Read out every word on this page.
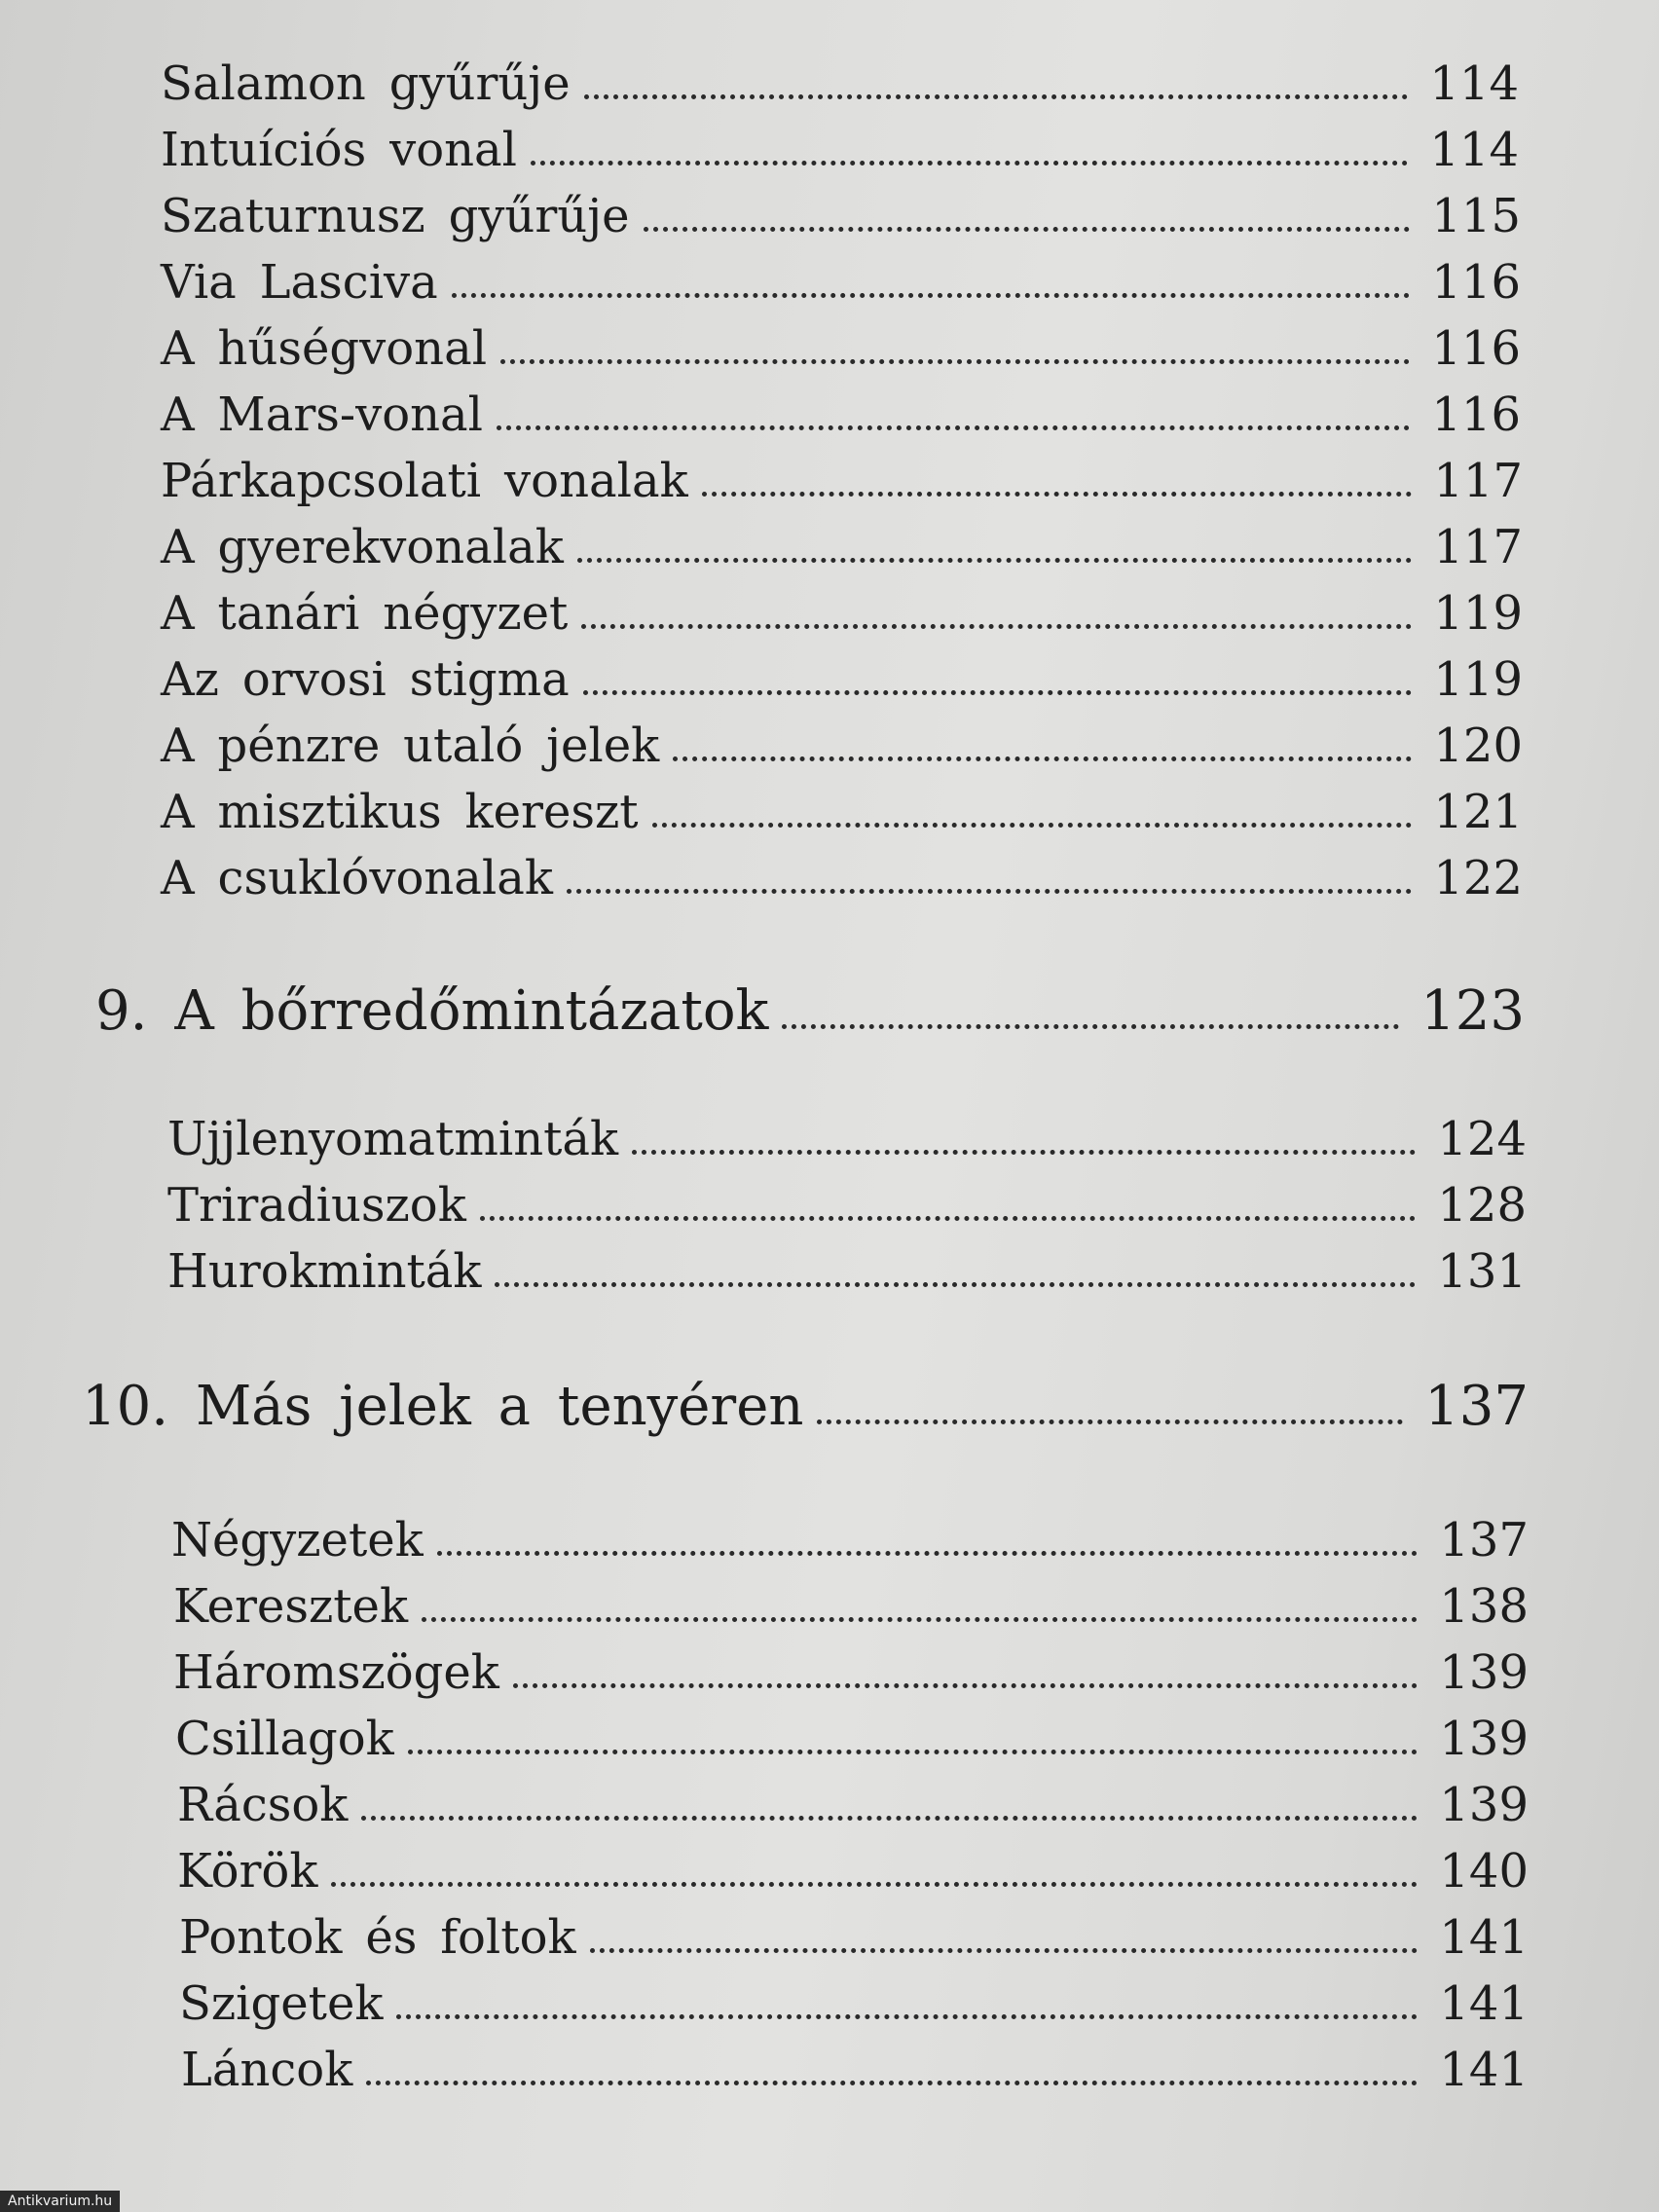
Salamon gyűrűje	114
Intuíciós vonal	114
Szaturnusz gyűrűje	115
Via Lasciva	116
A hűségvonal	116
A Mars-vonal	116
Párkapcsolati vonalak	117
A gyerekvonalak	117
A tanári négyzet	119
Az orvosi stigma	119
A pénzre utaló jelek	120
A misztikus kereszt	121
A csuklóvonalak	122
9. A bőrredőmintázatok	123
Ujjlenyomatminták	124
Triradiuszok	128
Hurokminták	131
10. Más jelek a tenyéren	137
Négyzetek	137
Keresztek	138
Háromszögek	139
Csillagok	139
Rácsok	139
Körök	140
Pontok és foltok	141
Szigetek	141
Láncok	141
Antikvarium.hu
